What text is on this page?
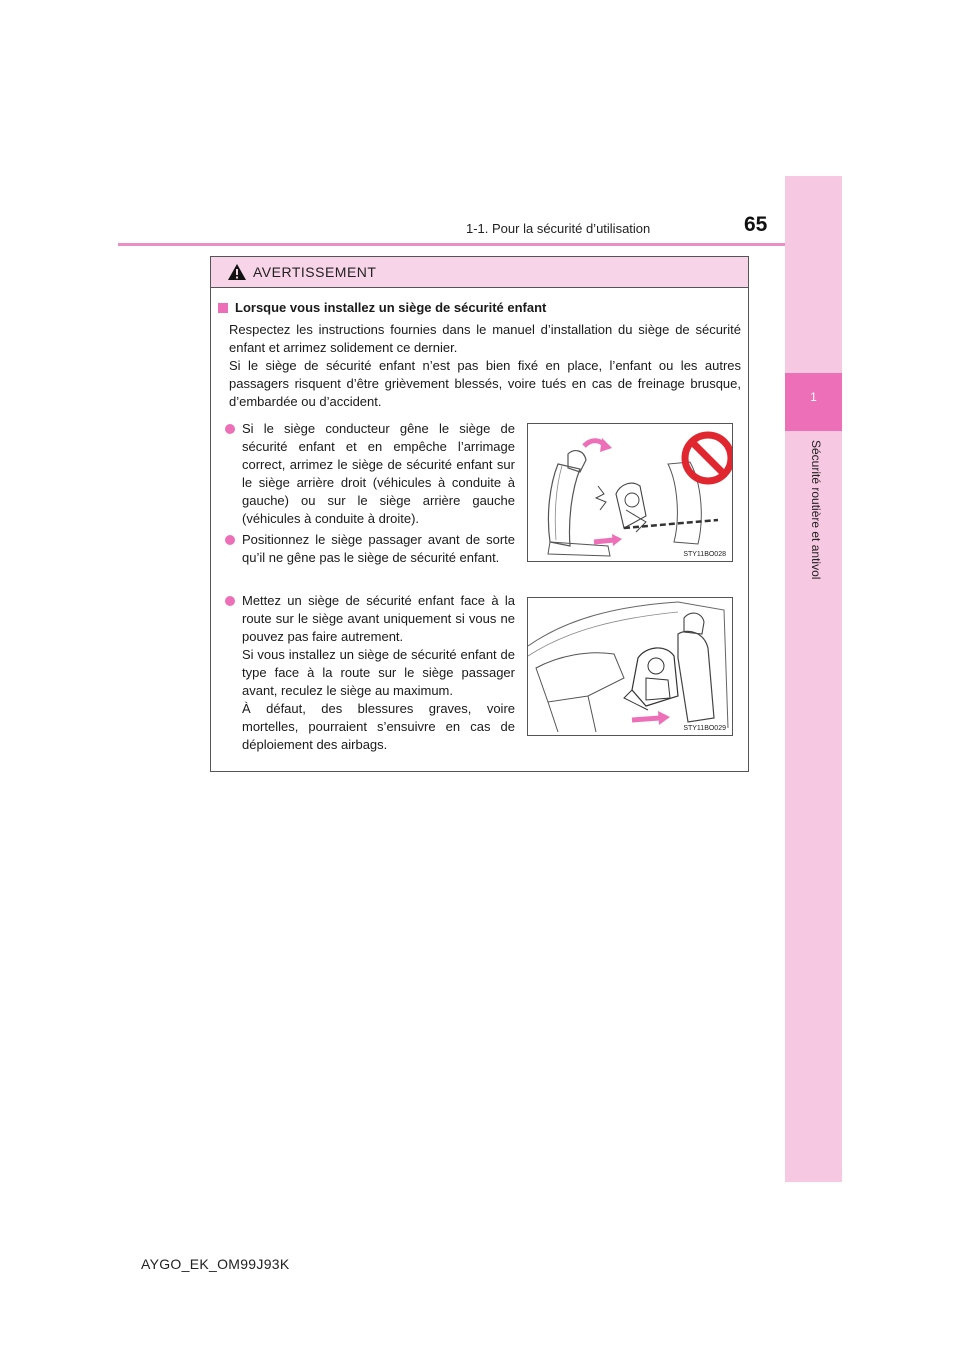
1-1. Pour la sécurité d’utilisation	65
1
Sécurité routière et antivol
AVERTISSEMENT
Lorsque vous installez un siège de sécurité enfant

Respectez les instructions fournies dans le manuel d’installation du siège de sécurité enfant et arrimez solidement ce dernier.

Si le siège de sécurité enfant n’est pas bien fixé en place, l’enfant ou les autres passagers risquent d’être grièvement blessés, voire tués en cas de freinage brusque, d’embardée ou d’accident.

Si le siège conducteur gêne le siège de sécurité enfant et en empêche l’arrimage correct, arrimez le siège de sécurité enfant sur le siège arrière droit (véhicules à conduite à gauche) ou sur le siège arrière gauche (véhicules à conduite à droite).

Positionnez le siège passager avant de sorte qu’il ne gêne pas le siège de sécurité enfant.

Mettez un siège de sécurité enfant face à la route sur le siège avant uniquement si vous ne pouvez pas faire autrement.

Si vous installez un siège de sécurité enfant de type face à la route sur le siège passager avant, reculez le siège au maximum.

À défaut, des blessures graves, voire mortelles, pourraient s’ensuivre en cas de déploiement des airbags.

STY11BO028
STY11BO029
AYGO_EK_OM99J93K
